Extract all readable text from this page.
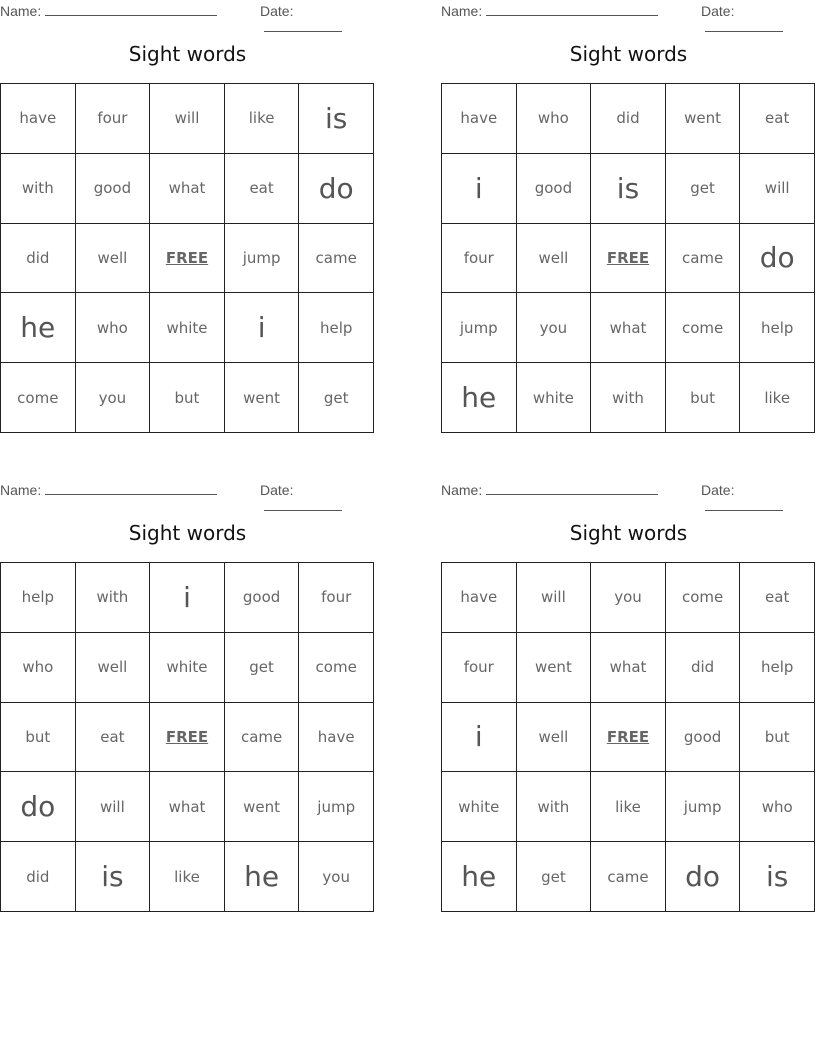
Name:	Date:
Sight words
have	four	will	like	is
with	good	what	eat	do
did	well	FREE	jump	came
he	who	white	i	help
come	you	but	went	get
Name:	Date:
Sight words
have	who	did	went	eat
i	good	is	get	will
four	well	FREE	came	do
jump	you	what	come	help
he	white	with	but	like
Name:	Date:
Sight words
help	with	i	good	four
who	well	white	get	come
but	eat	FREE	came	have
do	will	what	went	jump
did	is	like	he	you
Name:	Date:
Sight words
have	will	you	come	eat
four	went	what	did	help
i	well	FREE	good	but
white	with	like	jump	who
he	get	came	do	is
